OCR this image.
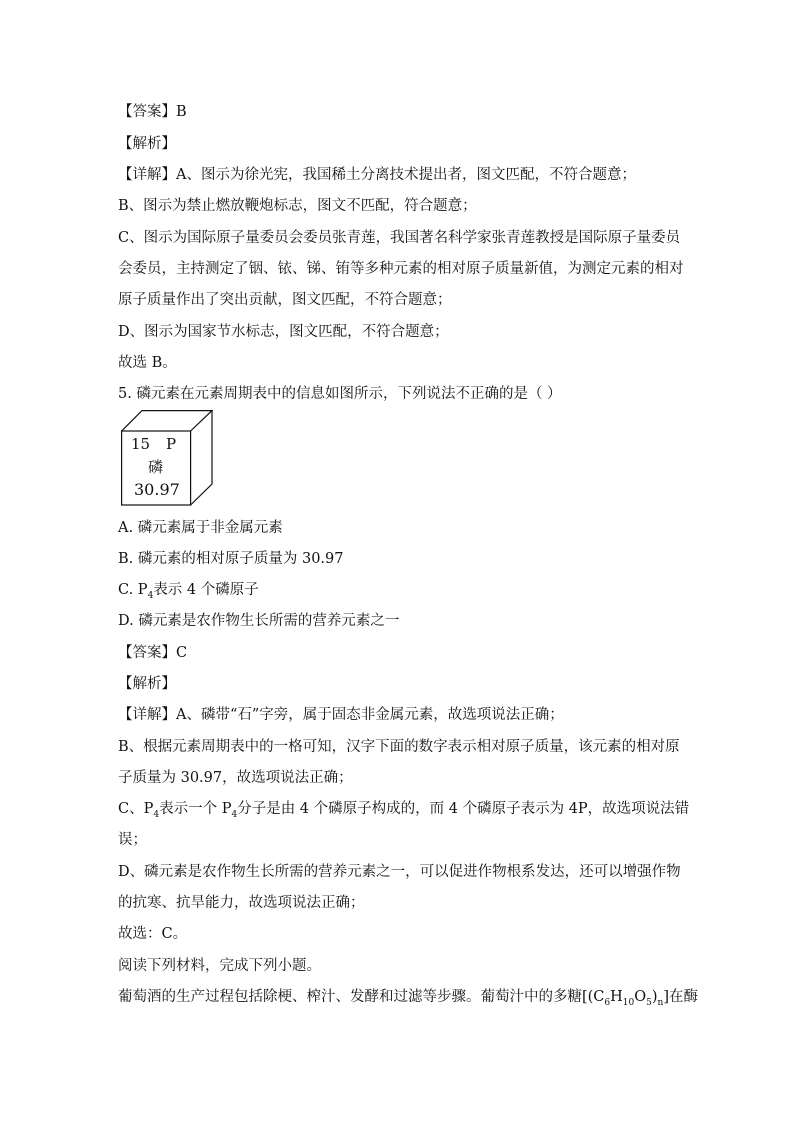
【答案】B
【解析】
【详解】A、图示为徐光宪，我国稀土分离技术提出者，图文匹配，不符合题意；
B、图示为禁止燃放鞭炮标志，图文不匹配，符合题意；
C、图示为国际原子量委员会委员张青莲，我国著名科学家张青莲教授是国际原子量委员
会委员，主持测定了铟、铱、锑、铕等多种元素的相对原子质量新值，为测定元素的相对
原子质量作出了突出贡献，图文匹配，不符合题意；
D、图示为国家节水标志，图文匹配，不符合题意；
故选 B。
5. 磷元素在元素周期表中的信息如图所示，下列说法不正确的是（ ）
15 P
磷
30.97
A. 磷元素属于非金属元素
B. 磷元素的相对原子质量为 30.97
C. $P_4$表示 4 个磷原子
D. 磷元素是农作物生长所需的营养元素之一
【答案】C
【解析】
【详解】A、磷带“石”字旁，属于固态非金属元素，故选项说法正确；
B、根据元素周期表中的一格可知，汉字下面的数字表示相对原子质量，该元素的相对原
子质量为 30.97，故选项说法正确；
C、$P_4$表示一个 $P_4$分子是由 4 个磷原子构成的，而 4 个磷原子表示为 4P，故选项说法错
误；
D、磷元素是农作物生长所需的营养元素之一，可以促进作物根系发达，还可以增强作物
的抗寒、抗旱能力，故选项说法正确；
故选：C。
阅读下列材料，完成下列小题。
葡萄酒的生产过程包括除梗、榨汁、发酵和过滤等步骤。葡萄汁中的多糖$[(C_6H_{10}O_5)_n]$在酶
